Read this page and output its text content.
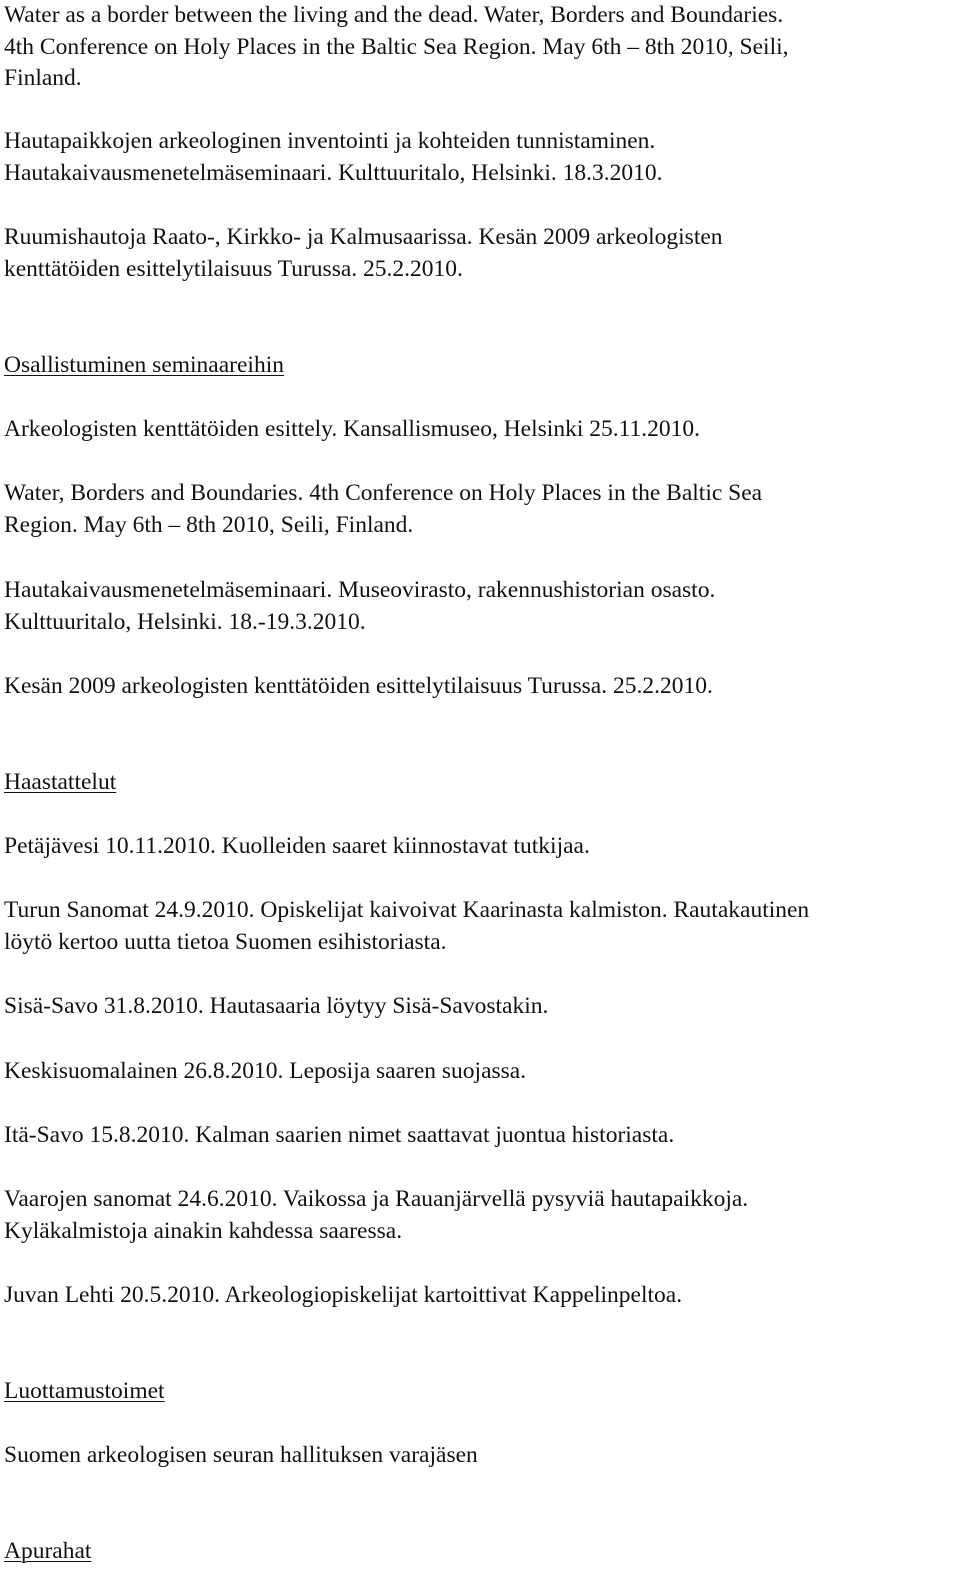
Water as a border between the living and the dead. Water, Borders and Boundaries.
4th Conference on Holy Places in the Baltic Sea Region. May 6th – 8th 2010, Seili,
Finland.

Hautapaikkojen arkeologinen inventointi ja kohteiden tunnistaminen.
Hautakaivausmenetelmäseminaari. Kulttuuritalo, Helsinki. 18.3.2010.

Ruumishautoja Raato-, Kirkko- ja Kalmusaarissa. Kesän 2009 arkeologisten
kenttätöiden esittelytilaisuus Turussa. 25.2.2010.

Osallistuminen seminaareihin

Arkeologisten kenttätöiden esittely. Kansallismuseo, Helsinki 25.11.2010.

Water, Borders and Boundaries. 4th Conference on Holy Places in the Baltic Sea
Region. May 6th – 8th 2010, Seili, Finland.

Hautakaivausmenetelmäseminaari. Museovirasto, rakennushistorian osasto.
Kulttuuritalo, Helsinki. 18.-19.3.2010.

Kesän 2009 arkeologisten kenttätöiden esittelytilaisuus Turussa. 25.2.2010.

Haastattelut

Petäjävesi 10.11.2010. Kuolleiden saaret kiinnostavat tutkijaa.

Turun Sanomat 24.9.2010. Opiskelijat kaivoivat Kaarinasta kalmiston. Rautakautinen
löytö kertoo uutta tietoa Suomen esihistoriasta.

Sisä-Savo 31.8.2010. Hautasaaria löytyy Sisä-Savostakin.

Keskisuomalainen 26.8.2010. Leposija saaren suojassa.

Itä-Savo 15.8.2010. Kalman saarien nimet saattavat juontua historiasta.

Vaarojen sanomat 24.6.2010. Vaikossa ja Rauanjärvellä pysyviä hautapaikkoja.
Kyläkalmistoja ainakin kahdessa saaressa.

Juvan Lehti 20.5.2010. Arkeologiopiskelijat kartoittivat Kappelinpeltoa.

Luottamustoimet

Suomen arkeologisen seuran hallituksen varajäsen

Apurahat
